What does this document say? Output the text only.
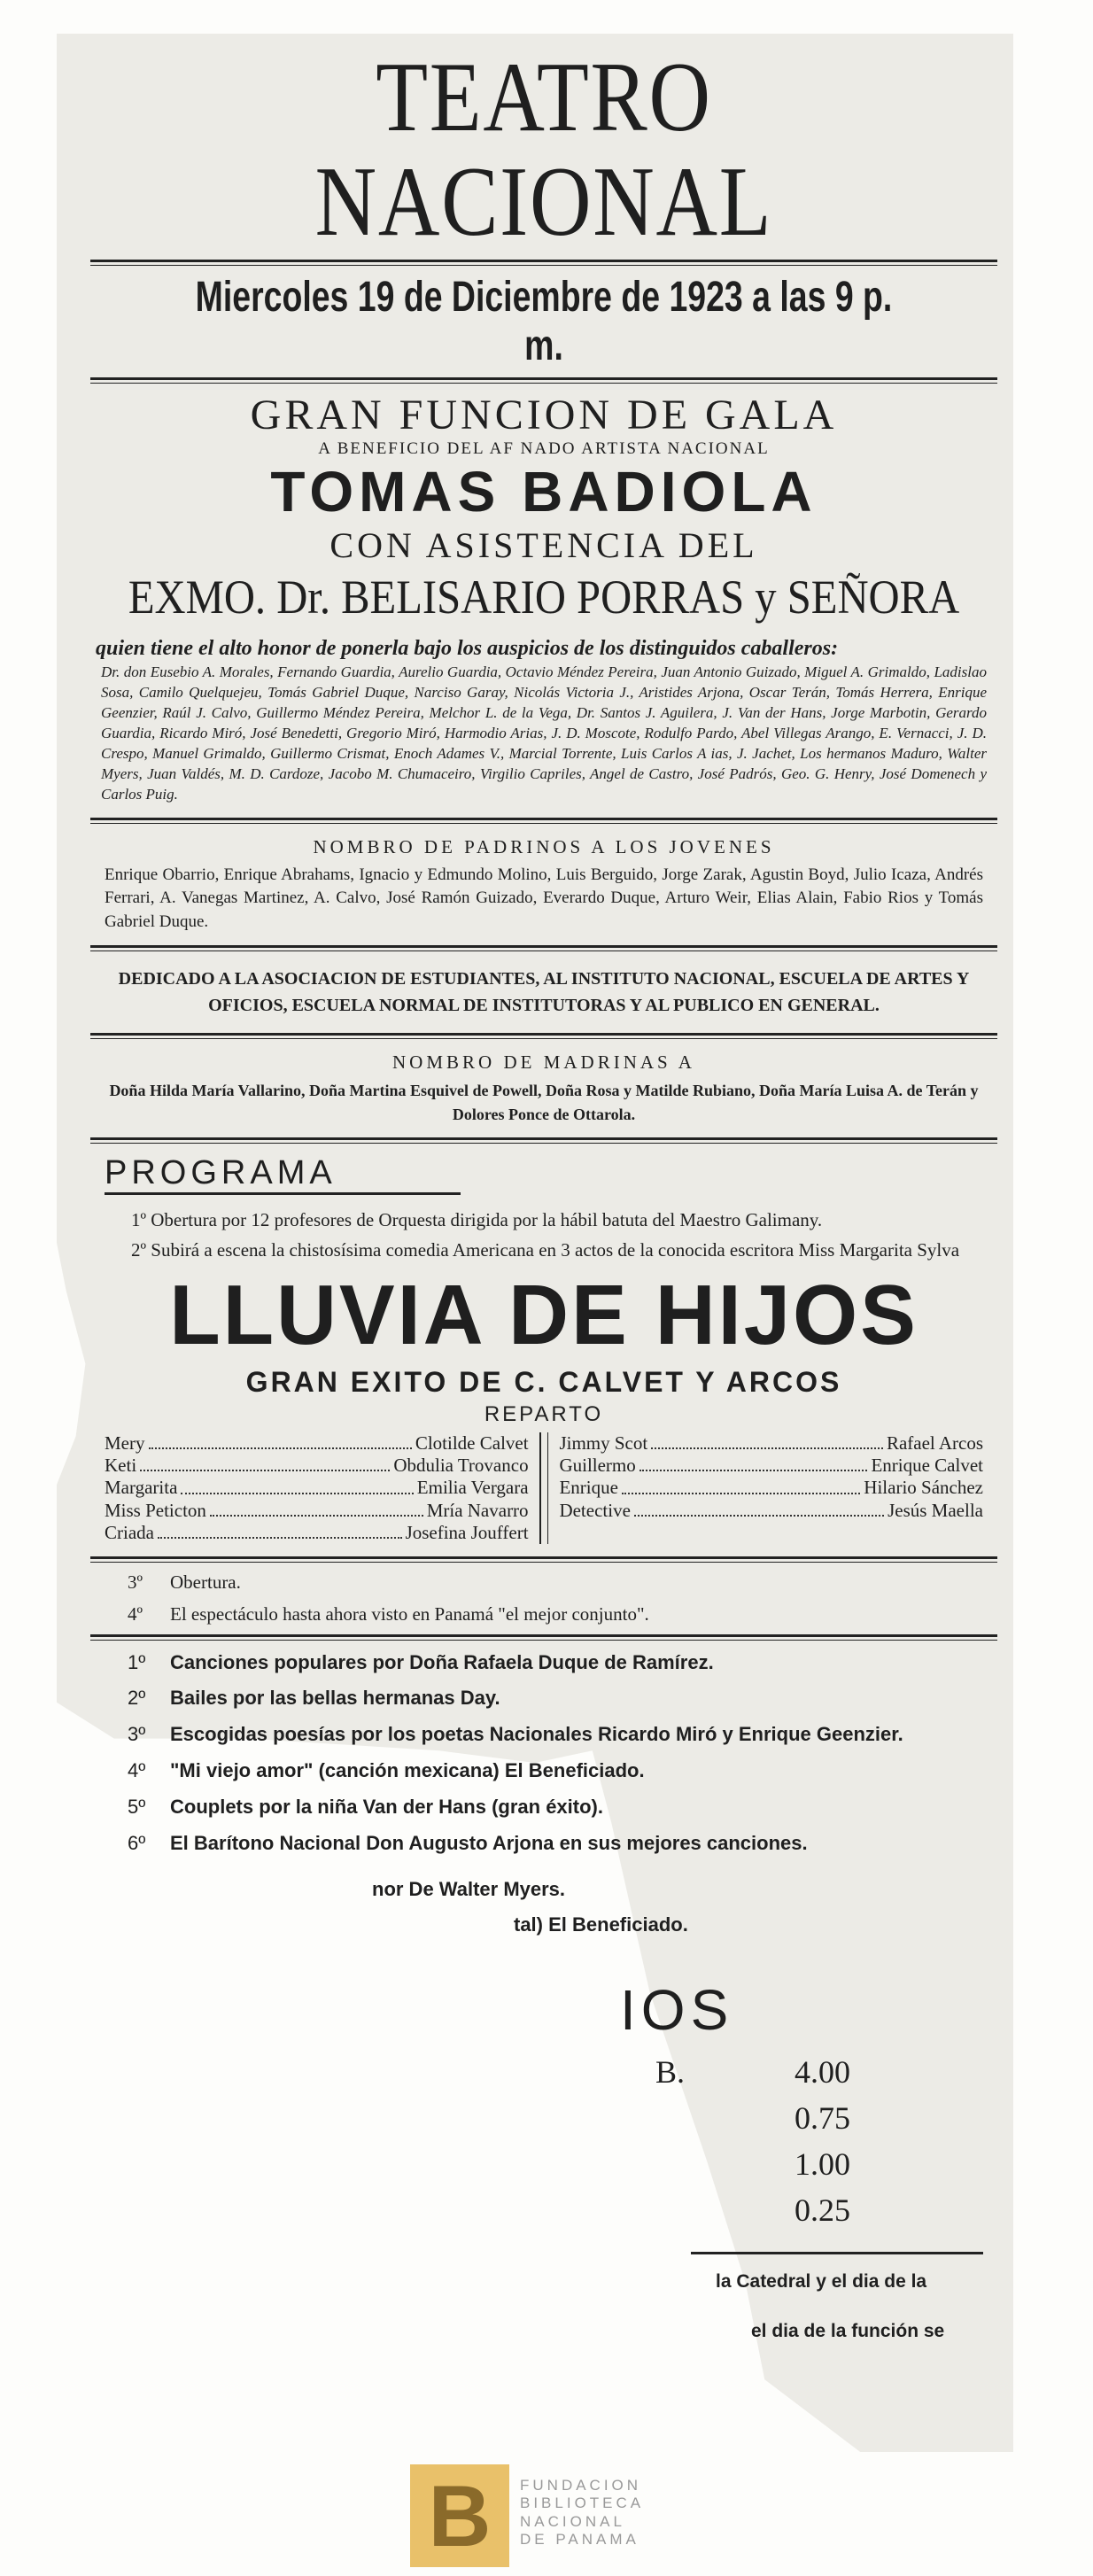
TEATRO NACIONAL
Miercoles 19 de Diciembre de 1923 a las 9 p. m.
GRAN FUNCION DE GALA
A BENEFICIO DEL AF NADO ARTISTA NACIONAL
TOMAS BADIOLA
CON ASISTENCIA DEL
EXMO. Dr. BELISARIO PORRAS y SEÑORA
quien tiene el alto honor de ponerla bajo los auspicios de los distinguidos caballeros:
Dr. don Eusebio A. Morales, Fernando Guardia, Aurelio Guardia, Octavio Méndez Pereira, Juan Antonio Guizado, Miguel A. Grimaldo, Ladislao Sosa, Camilo Quelquejeu, Tomás Gabriel Duque, Narciso Garay, Nicolás Victoria J., Aristides Arjona, Oscar Terán, Tomás Herrera, Enrique Geenzier, Raúl J. Calvo, Guillermo Méndez Pereira, Melchor L. de la Vega, Dr. Santos J. Aguilera, J. Van der Hans, Jorge Marbotin, Gerardo Guardia, Ricardo Miró, José Benedetti, Gregorio Miró, Harmodio Arias, J. D. Moscote, Rodulfo Pardo, Abel Villegas Arango, E. Vernacci, J. D. Crespo, Manuel Grimaldo, Guillermo Crismat, Enoch Adames V., Marcial Torrente, Luis Carlos A ias, J. Jachet, Los hermanos Maduro, Walter Myers, Juan Valdés, M. D. Cardoze, Jacobo M. Chumaceiro, Virgilio Capriles, Angel de Castro, José Padrós, Geo. G. Henry, José Domenech y Carlos Puig.
NOMBRO DE PADRINOS A LOS JOVENES
Enrique Obarrio, Enrique Abrahams, Ignacio y Edmundo Molino, Luis Berguido, Jorge Zarak, Agustin Boyd, Julio Icaza, Andrés Ferrari, A. Vanegas Martinez, A. Calvo, José Ramón Guizado, Everardo Duque, Arturo Weir, Elias Alain, Fabio Rios y Tomás Gabriel Duque.
DEDICADO A LA ASOCIACION DE ESTUDIANTES, AL INSTITUTO NACIONAL, ESCUELA DE ARTES Y OFICIOS, ESCUELA NORMAL DE INSTITUTORAS Y AL PUBLICO EN GENERAL.
NOMBRO DE MADRINAS A
Doña Hilda María Vallarino, Doña Martina Esquivel de Powell, Doña Rosa y Matilde Rubiano, Doña María Luisa A. de Terán y Dolores Ponce de Ottarola.
PROGRAMA
1º Obertura por 12 profesores de Orquesta dirigida por la hábil batuta del Maestro Galimany.
2º Subirá a escena la chistosísima comedia Americana en 3 actos de la conocida escritora Miss Margarita Sylva
LLUVIA DE HIJOS
GRAN EXITO DE C. CALVET Y ARCOS
REPARTO
Mery	Clotilde Calvet
Keti	Obdulia Trovanco
Margarita	Emilia Vergara
Miss Peticton	Mría Navarro
Criada	Josefina Jouffert
Jimmy Scot	Rafael Arcos
Guillermo	Enrique Calvet
Enrique	Hilario Sánchez
Detective	Jesús Maella
3º Obertura.
4º El espectáculo hasta ahora visto en Panamá "el mejor conjunto".
1º Canciones populares por Doña Rafaela Duque de Ramírez.
2º Bailes por las bellas hermanas Day.
3º Escogidas poesías por los poetas Nacionales Ricardo Miró y Enrique Geenzier.
4º "Mi viejo amor" (canción mexicana) El Beneficiado.
5º Couplets por la niña Van der Hans (gran éxito).
6º El Barítono Nacional Don Augusto Arjona en sus mejores canciones.
nor De Walter Myers.
tal) El Beneficiado.
IOS
B.	4.00
0.75
1.00
0.25
la Catedral y el dia de la
el dia de la función se
B	FUNDACION
BIBLIOTECA
NACIONAL
DE PANAMA
